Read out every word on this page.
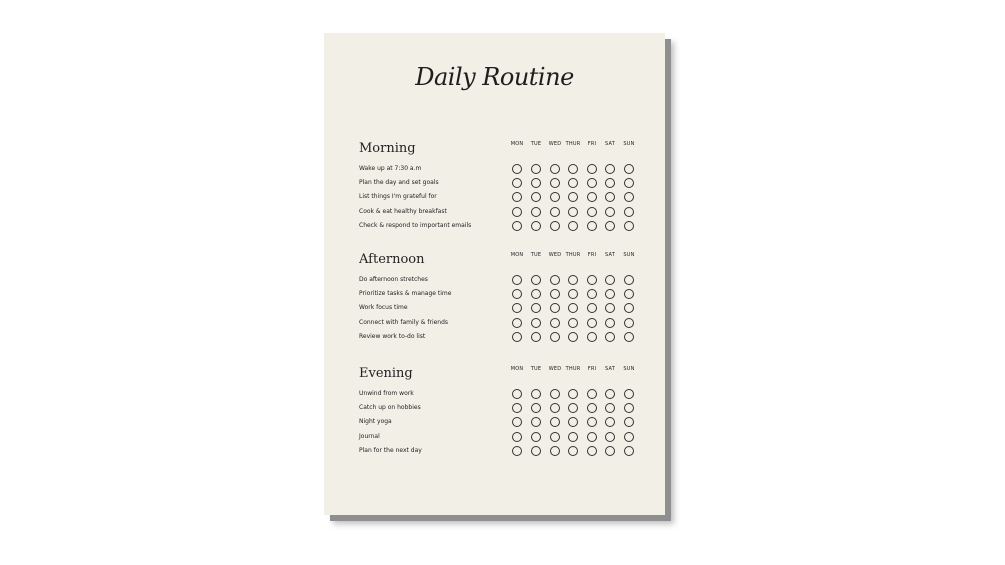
Daily Routine
Morning	MON	TUE	WED THUR	FRI	SAT	SUN
Wake up at 7:30 a.m
Plan the day and set goals
List things I'm grateful for
Cook & eat healthy breakfast
Check & respond to important emails
Afternoon	MON	TUE	WED THUR	FRI	SAT	SUN
Do afternoon stretches
Prioritize tasks & manage time
Work focus time
Connect with family & friends
Review work to-do list
Evening	MON	TUE	WED THUR	FRI	SAT	SUN
Unwind from work
Catch up on hobbies
Night yoga
Journal
Plan for the next day
